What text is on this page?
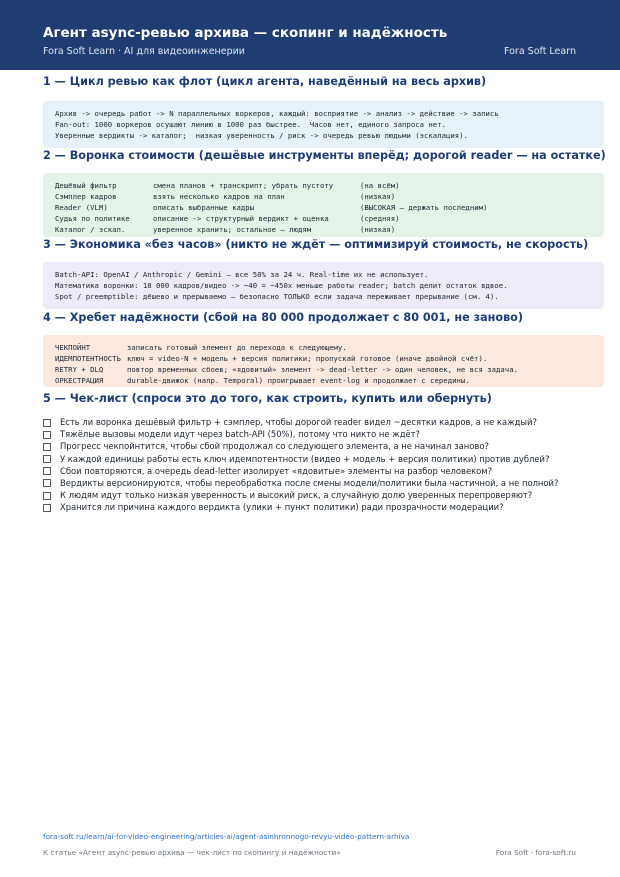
Агент async-ревью архива — скопинг и надёжность
Fora Soft Learn · AI для видеоинженерии	Fora Soft Learn
1 — Цикл ревью как флот (цикл агента, наведённый на весь архив)
Архив -> очередь работ -> N параллельных воркеров, каждый: восприятие -> анализ -> действие -> запись
Fan-out: 1000 воркеров осушают линию в 1000 раз быстрее.  Часов нет, единого запроса нет.
Уверенные вердикты -> каталог;  низкая уверенность / риск -> очередь ревью людьми (эскалация).
2 — Воронка стоимости (дешёвые инструменты вперёд; дорогой reader — на остатке)
Дешёвый фильтр	смена планов + транскрипт; убрать пустоту	(на всём)
Сэмплер кадров	взять несколько кадров на план	(низкая)
Reader (VLM)	описать выбранные кадры	(ВЫСОКАЯ — держать последним)
Судья по политике	описание -> структурный вердикт + оценка	(средняя)
Каталог / эскал.	уверенное хранить; остальное — людям	(низкая)
3 — Экономика «без часов» (никто не ждёт — оптимизируй стоимость, не скорость)
Batch-API: OpenAI / Anthropic / Gemini — все 50% за 24 ч. Real-time их не использует.
Математика воронки: 18 000 кадров/видео -> ~40 = ~450x меньше работы reader; batch делит остаток вдвое.
Spot / preemptible: дёшево и прерываемо — безопасно ТОЛЬКО если задача переживает прерывание (см. 4).
4 — Хребет надёжности (сбой на 80 000 продолжает с 80 001, не заново)
ЧЕКПОЙНТ	записать готовый элемент до перехода к следующему.
ИДЕМПОТЕНТНОСТЬ ключ = video-N + модель + версия политики; пропускай готовое (иначе двойной счёт).
RETRY + DLQ	повтор временных сбоев; «ядовитый» элемент -> dead-letter -> один человек, не вся задача.
ОРКЕСТРАЦИЯ	durable-движок (напр. Temporal) проигрывает event-log и продолжает с середины.
5 — Чек-лист (спроси это до того, как строить, купить или обернуть)
Есть ли воронка дешёвый фильтр + сэмплер, чтобы дорогой reader видел ~десятки кадров, а не каждый?
Тяжёлые вызовы модели идут через batch-API (50%), потому что никто не ждёт?
Прогресс чекпойнтится, чтобы сбой продолжал со следующего элемента, а не начинал заново?
У каждой единицы работы есть ключ идемпотентности (видео + модель + версия политики) против дублей?
Сбои повторяются, а очередь dead-letter изолирует «ядовитые» элементы на разбор человеком?
Вердикты версионируются, чтобы переобработка после смены модели/политики была частичной, а не полной?
К людям идут только низкая уверенность и высокий риск, а случайную долю уверенных перепроверяют?
Хранится ли причина каждого вердикта (улики + пункт политики) ради прозрачности модерации?
fora-soft.ru/learn/ai-for-video-engineering/articles-ai/agent-asinhronnogo-revyu-video-pattern-arhiva
К статье «Агент async-ревью архива — чек-лист по скопингу и надёжности»	Fora Soft · fora-soft.ru
